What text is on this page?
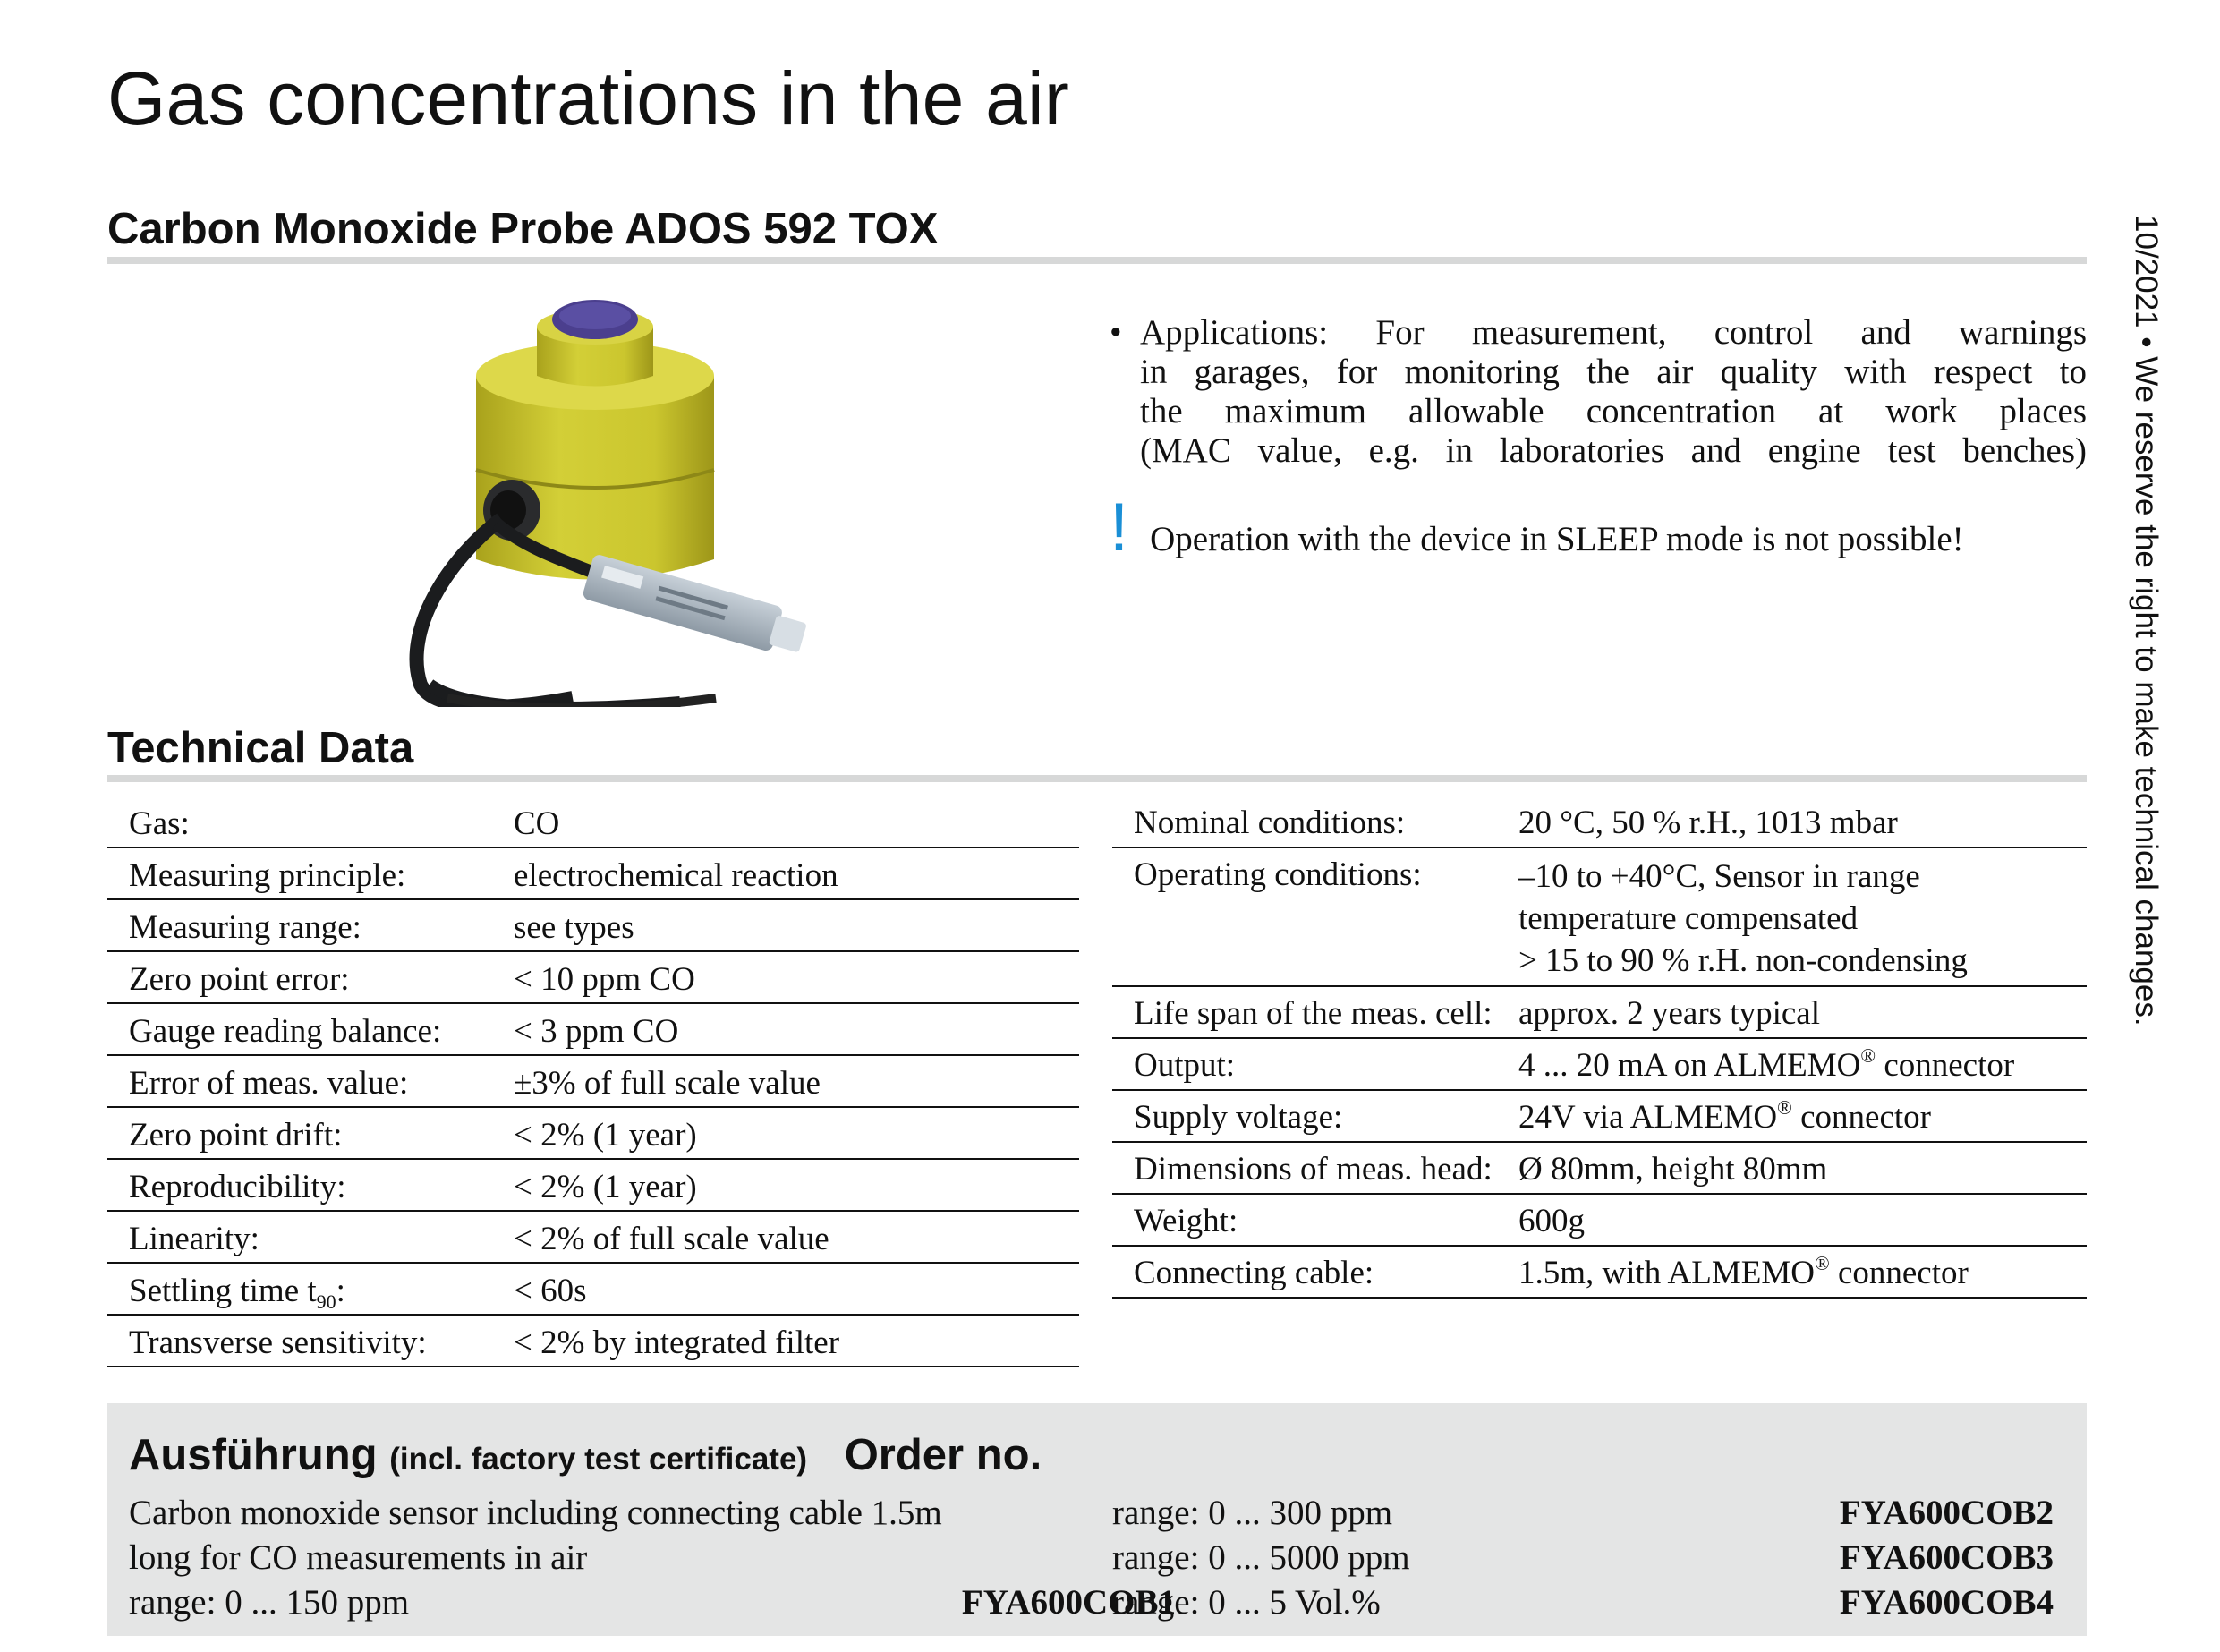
Gas concentrations in the air
10/2021 • We reserve the right to make technical changes.
Carbon Monoxide Probe ADOS 592 TOX
• Applications: For measurement, control and warnings
in garages, for monitoring the air quality with respect to
the maximum allowable concentration at work places
(MAC value, e.g. in laboratories and engine test benches)
! Operation with the device in SLEEP mode is not possible!
Technical Data
Gas:	CO
Measuring principle:	electrochemical reaction
Measuring range:	see types
Zero point error:	< 10 ppm CO
Gauge reading balance:	< 3 ppm CO
Error of meas. value:	±3% of full scale value
Zero point drift:	< 2% (1 year)
Reproducibility:	< 2% (1 year)
Linearity:	< 2% of full scale value
Settling time $t_{90}$:	< 60s
Transverse sensitivity:	< 2% by integrated filter
Nominal conditions:	20 °C, 50 % r.H., 1013 mbar
Operating conditions:	–10 to +40°C, Sensor in range
temperature compensated
> 15 to 90 % r.H. non-condensing
Life span of the meas. cell: approx. 2 years typical
Output:	4 ... 20 mA on ALMEMO® connector
Supply voltage:	24V via ALMEMO® connector
Dimensions of meas. head: Ø 80mm, height 80mm
Weight:	600g
Connecting cable:	1.5m, with ALMEMO® connector
Ausführung (incl. factory test certificate) Order no.
Carbon monoxide sensor including connecting cable 1.5m
long for CO measurements in air
range: 0 ... 150 ppm	FYA600COB1
range: 0 ... 300 ppm	FYA600COB2
range: 0 ... 5000 ppm	FYA600COB3
range: 0 ... 5 Vol.%	FYA600COB4
